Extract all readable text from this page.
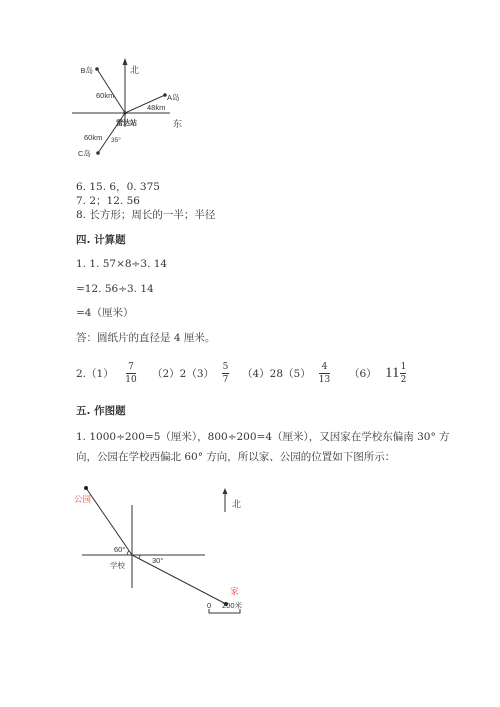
北
东
B岛
A岛
C岛
60km
48km
60km
雷达站
35°
6. 15. 6，0. 375
7. 2；12. 56
8. 长方形；周长的一半；半径
四. 计算题
1. 1. 57×8÷3. 14
=12. 56÷3. 14
=4（厘米）
答：圆纸片的直径是 4 厘米。
2.（1）
7
10 （2）2（3）
5
7 （4）28（5）
4
13 （6） $11 \frac{1}{2}$
五. 作图题
1. 1000÷200=5（厘米），800÷200=4（厘米），又因家在学校东偏南 30° 方
向，公园在学校西偏北 60° 方向，所以家、公园的位置如下图所示：
北
公园
60°
30°
学校
家
0 200米
